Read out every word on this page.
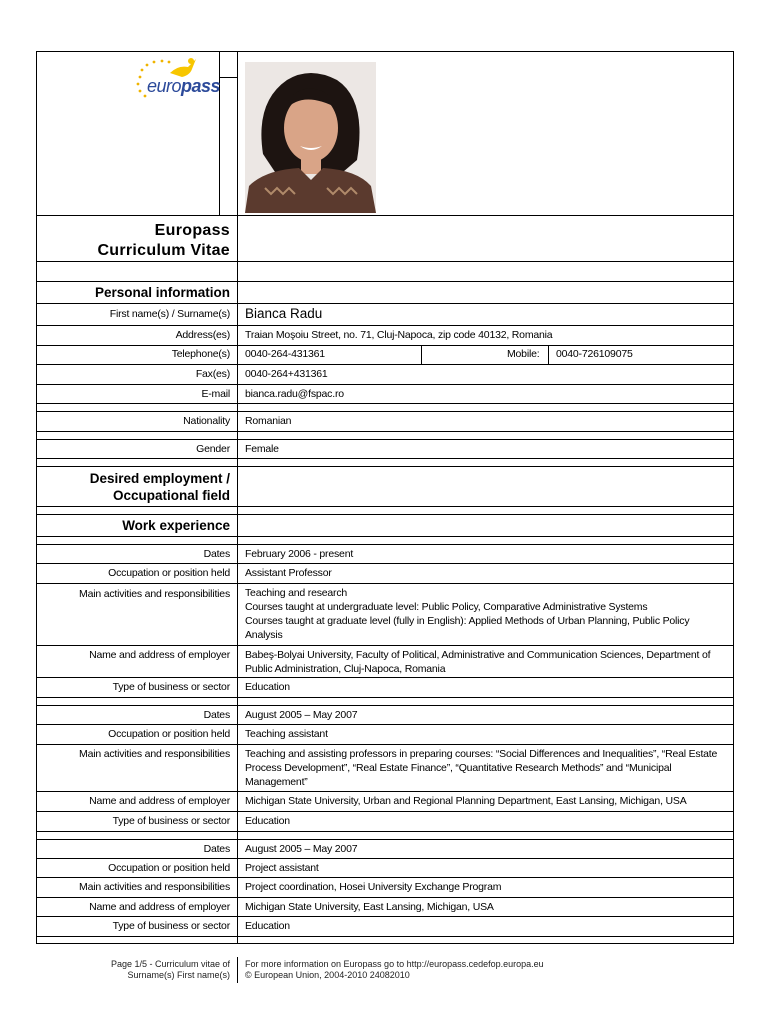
europass
Europass
Curriculum Vitae
Personal information
First name(s) / Surname(s) Bianca Radu
Address(es) Traian Moşoiu Street, no. 71, Cluj-Napoca, zip code 40132, Romania
Telephone(s) 0040-264-431361	Mobile: 0040-726109075
Fax(es) 0040-264+431361
E-mail bianca.radu@fspac.ro
Nationality Romanian
Gender Female
Desired employment /
Occupational field
Work experience
Dates February 2006 - present
Occupation or position held Assistant Professor
Main activities and responsibilities Teaching and research
Courses taught at undergraduate level: Public Policy, Comparative Administrative Systems
Courses taught at graduate level (fully in English): Applied Methods of Urban Planning, Public Policy Analysis
Name and address of employer Babeş-Bolyai University, Faculty of Political, Administrative and Communication Sciences, Department of Public Administration, Cluj-Napoca, Romania
Type of business or sector Education
Dates August 2005 – May 2007
Occupation or position held Teaching assistant
Main activities and responsibilities Teaching and assisting professors in preparing courses: “Social Differences and Inequalities”, “Real Estate Process Development”, “Real Estate Finance”, “Quantitative Research Methods” and “Municipal Management”
Name and address of employer Michigan State University, Urban and Regional Planning Department, East Lansing, Michigan, USA
Type of business or sector Education
Dates August 2005 – May 2007
Occupation or position held Project assistant
Main activities and responsibilities Project coordination, Hosei University Exchange Program
Name and address of employer Michigan State University, East Lansing, Michigan, USA
Type of business or sector Education
Page 1/5 - Curriculum vitae of
Surname(s) First name(s)
For more information on Europass go to http://europass.cedefop.europa.eu
© European Union, 2004-2010 24082010
